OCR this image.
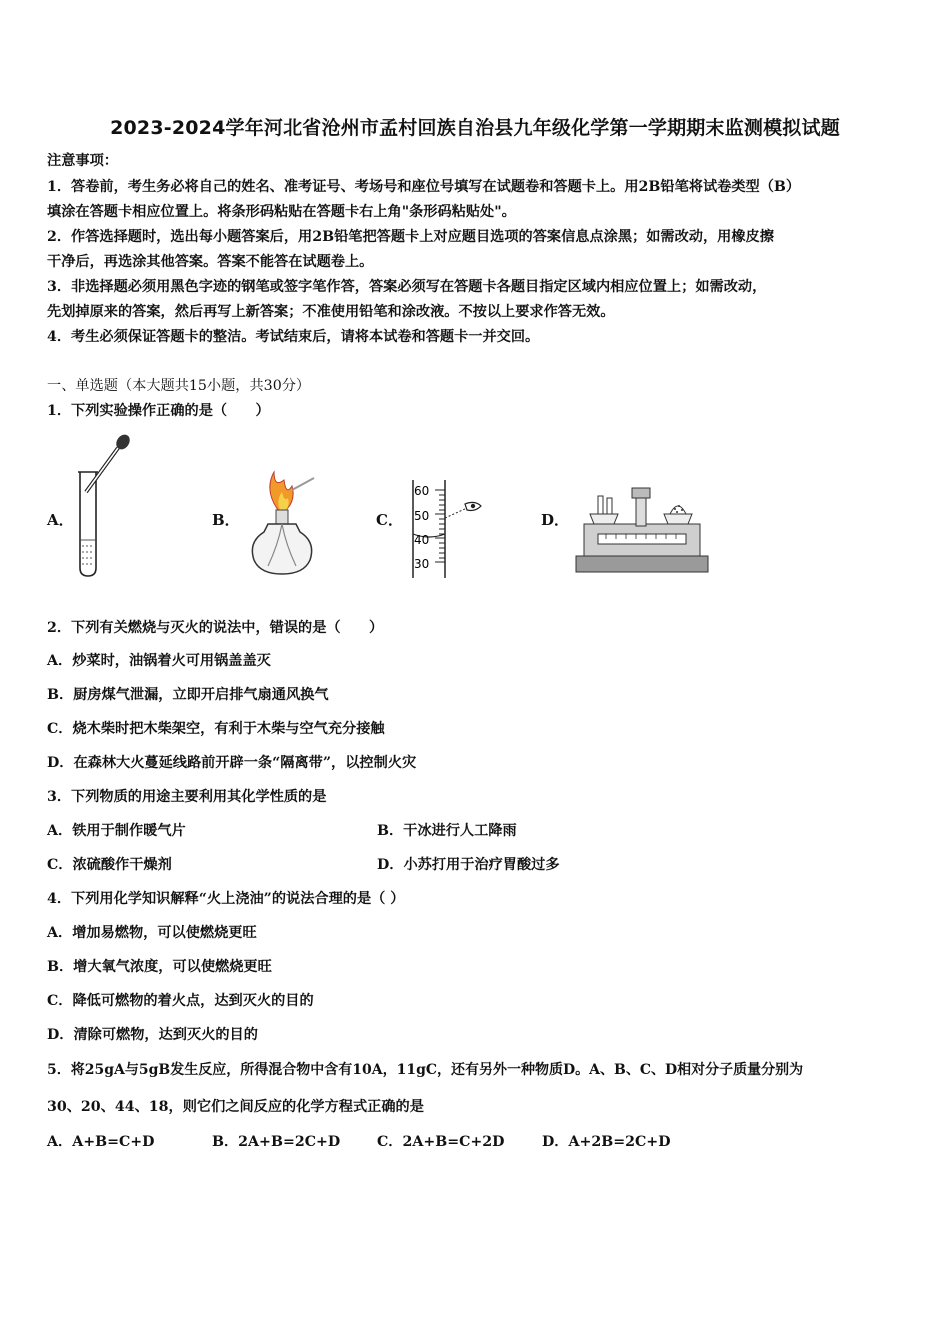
2023-2024学年河北省沧州市孟村回族自治县九年级化学第一学期期末监测模拟试题
注意事项：
1．答卷前，考生务必将自己的姓名、准考证号、考场号和座位号填写在试题卷和答题卡上。用2B铅笔将试卷类型（B）
填涂在答题卡相应位置上。将条形码粘贴在答题卡右上角"条形码粘贴处"。
2．作答选择题时，选出每小题答案后，用2B铅笔把答题卡上对应题目选项的答案信息点涂黑；如需改动，用橡皮擦
干净后，再选涂其他答案。答案不能答在试题卷上。
3．非选择题必须用黑色字迹的钢笔或签字笔作答，答案必须写在答题卡各题目指定区域内相应位置上；如需改动，
先划掉原来的答案，然后再写上新答案；不准使用铅笔和涂改液。不按以上要求作答无效。
4．考生必须保证答题卡的整洁。考试结束后，请将本试卷和答题卡一并交回。
一、单选题（本大题共15小题，共30分）
1．下列实验操作正确的是（　　）
A．	B．	C．	D．
60
50
40
30
2．下列有关燃烧与灭火的说法中，错误的是（　　）
A．炒菜时，油锅着火可用锅盖盖灭
B．厨房煤气泄漏，立即开启排气扇通风换气
C．烧木柴时把木柴架空，有利于木柴与空气充分接触
D．在森林大火蔓延线路前开辟一条“隔离带”，以控制火灾
3．下列物质的用途主要利用其化学性质的是
A．铁用于制作暖气片	B．干冰进行人工降雨
C．浓硫酸作干燥剂	D．小苏打用于治疗胃酸过多
4．下列用化学知识解释“火上浇油”的说法合理的是（ ）
A．增加易燃物，可以使燃烧更旺
B．增大氧气浓度，可以使燃烧更旺
C．降低可燃物的着火点，达到灭火的目的
D．清除可燃物，达到灭火的目的
5．将25gA与5gB发生反应，所得混合物中含有10A，11gC，还有另外一种物质D。A、B、C、D相对分子质量分别为
30、20、44、18，则它们之间反应的化学方程式正确的是
A．A+B=C+D	B．2A+B=2C+D	C．2A+B=C+2D	D．A+2B=2C+D
